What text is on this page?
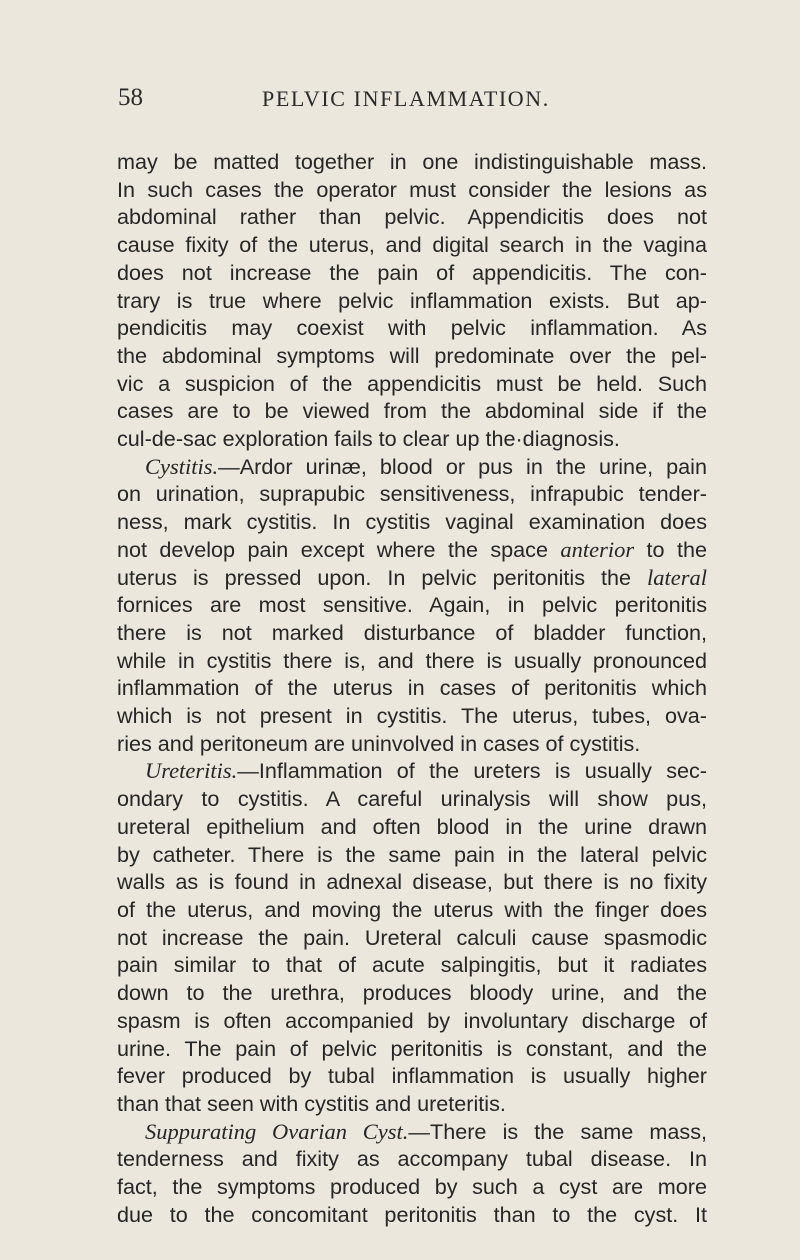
58	PELVIC INFLAMMATION.

may be matted together in one indistinguishable mass.

In such cases the operator must consider the lesions as

abdominal rather than pelvic. Appendicitis does not

cause fixity of the uterus, and digital search in the vagina

does not increase the pain of appendicitis. The con-

trary is true where pelvic inflammation exists. But ap-

pendicitis may coexist with pelvic inflammation. As

the abdominal symptoms will predominate over the pel-

vic a suspicion of the appendicitis must be held. Such

cases are to be viewed from the abdominal side if the

cul-de-sac exploration fails to clear up the·diagnosis.

Cystitis.—Ardor urinæ, blood or pus in the urine, pain

on urination, suprapubic sensitiveness, infrapubic tender-

ness, mark cystitis. In cystitis vaginal examination does

not develop pain except where the space anterior to the

uterus is pressed upon. In pelvic peritonitis the lateral

fornices are most sensitive. Again, in pelvic peritonitis

there is not marked disturbance of bladder function,

while in cystitis there is, and there is usually pronounced

inflammation of the uterus in cases of peritonitis which

which is not present in cystitis. The uterus, tubes, ova-

ries and peritoneum are uninvolved in cases of cystitis.

Ureteritis.—Inflammation of the ureters is usually sec-

ondary to cystitis. A careful urinalysis will show pus,

ureteral epithelium and often blood in the urine drawn

by catheter. There is the same pain in the lateral pelvic

walls as is found in adnexal disease, but there is no fixity

of the uterus, and moving the uterus with the finger does

not increase the pain. Ureteral calculi cause spasmodic

pain similar to that of acute salpingitis, but it radiates

down to the urethra, produces bloody urine, and the

spasm is often accompanied by involuntary discharge of

urine. The pain of pelvic peritonitis is constant, and the

fever produced by tubal inflammation is usually higher

than that seen with cystitis and ureteritis.

Suppurating Ovarian Cyst.—There is the same mass,

tenderness and fixity as accompany tubal disease. In

fact, the symptoms produced by such a cyst are more

due to the concomitant peritonitis than to the cyst. It
